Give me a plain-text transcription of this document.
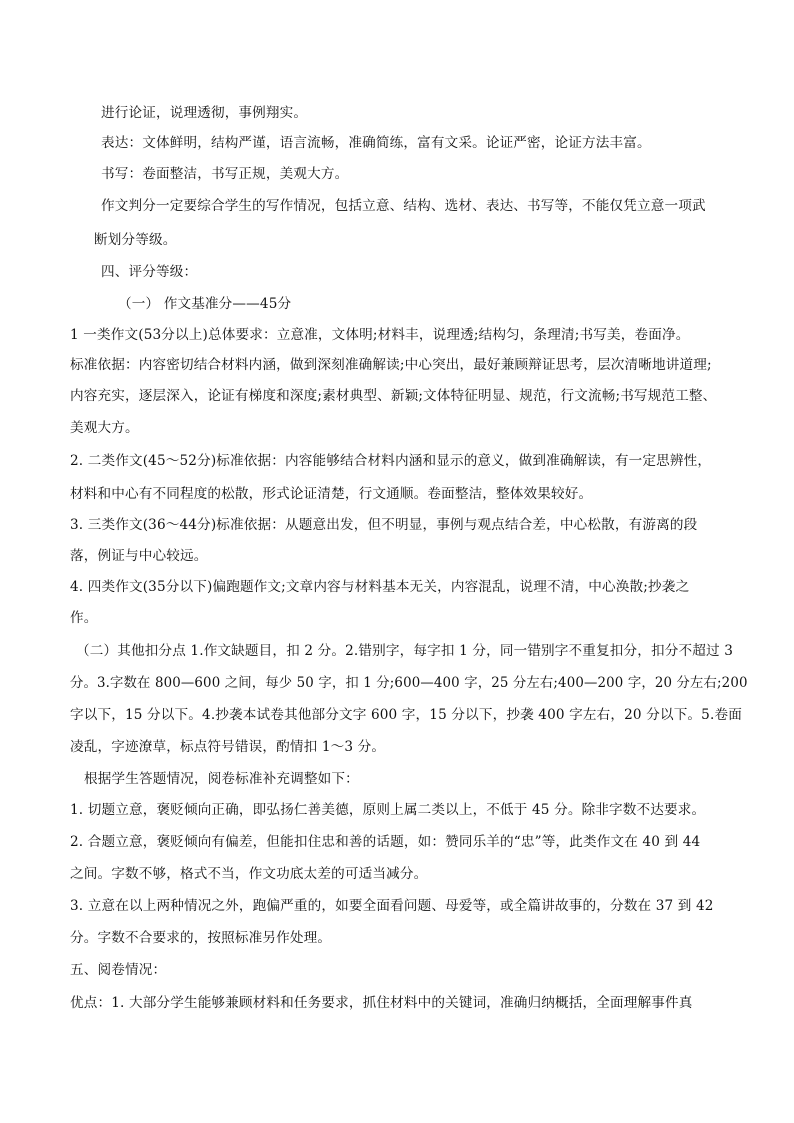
进行论证，说理透彻，事例翔实。
表达：文体鲜明，结构严谨，语言流畅，准确简练，富有文采。论证严密，论证方法丰富。
书写：卷面整洁，书写正规，美观大方。
作文判分一定要综合学生的写作情况，包括立意、结构、选材、表达、书写等，不能仅凭立意一项武
断划分等级。
四、评分等级：
（一） 作文基准分——45分
1 一类作文(53分以上)总体要求：立意准，文体明;材料丰，说理透;结构匀，条理清;书写美，卷面净。
标准依据：内容密切结合材料内涵，做到深刻准确解读;中心突出，最好兼顾辩证思考，层次清晰地讲道理;
内容充实，逐层深入，论证有梯度和深度;素材典型、新颖;文体特征明显、规范，行文流畅;书写规范工整、
美观大方。
2. 二类作文(45～52分)标准依据：内容能够结合材料内涵和显示的意义，做到准确解读，有一定思辨性，
材料和中心有不同程度的松散，形式论证清楚，行文通顺。卷面整洁，整体效果较好。
3. 三类作文(36～44分)标准依据：从题意出发，但不明显，事例与观点结合差，中心松散，有游离的段
落，例证与中心较远。
4. 四类作文(35分以下)偏跑题作文;文章内容与材料基本无关，内容混乱，说理不清，中心涣散;抄袭之
作。
（二）其他扣分点 1.作文缺题目，扣 2 分。2.错别字，每字扣 1 分，同一错别字不重复扣分，扣分不超过 3
分。3.字数在 800—600 之间，每少 50 字，扣 1 分;600—400 字，25 分左右;400—200 字，20 分左右;200
字以下，15 分以下。4.抄袭本试卷其他部分文字 600 字，15 分以下，抄袭 400 字左右，20 分以下。5.卷面
凌乱，字迹潦草，标点符号错误，酌情扣 1～3 分。
根据学生答题情况，阅卷标准补充调整如下：
1. 切题立意，褒贬倾向正确，即弘扬仁善美德，原则上属二类以上，不低于 45 分。除非字数不达要求。
2. 合题立意，褒贬倾向有偏差，但能扣住忠和善的话题，如：赞同乐羊的“忠”等，此类作文在 40 到 44
之间。字数不够，格式不当，作文功底太差的可适当减分。
3. 立意在以上两种情况之外，跑偏严重的，如要全面看问题、母爱等，或全篇讲故事的，分数在 37 到 42
分。字数不合要求的，按照标准另作处理。
五、阅卷情况：
优点：1. 大部分学生能够兼顾材料和任务要求，抓住材料中的关键词，准确归纳概括，全面理解事件真
